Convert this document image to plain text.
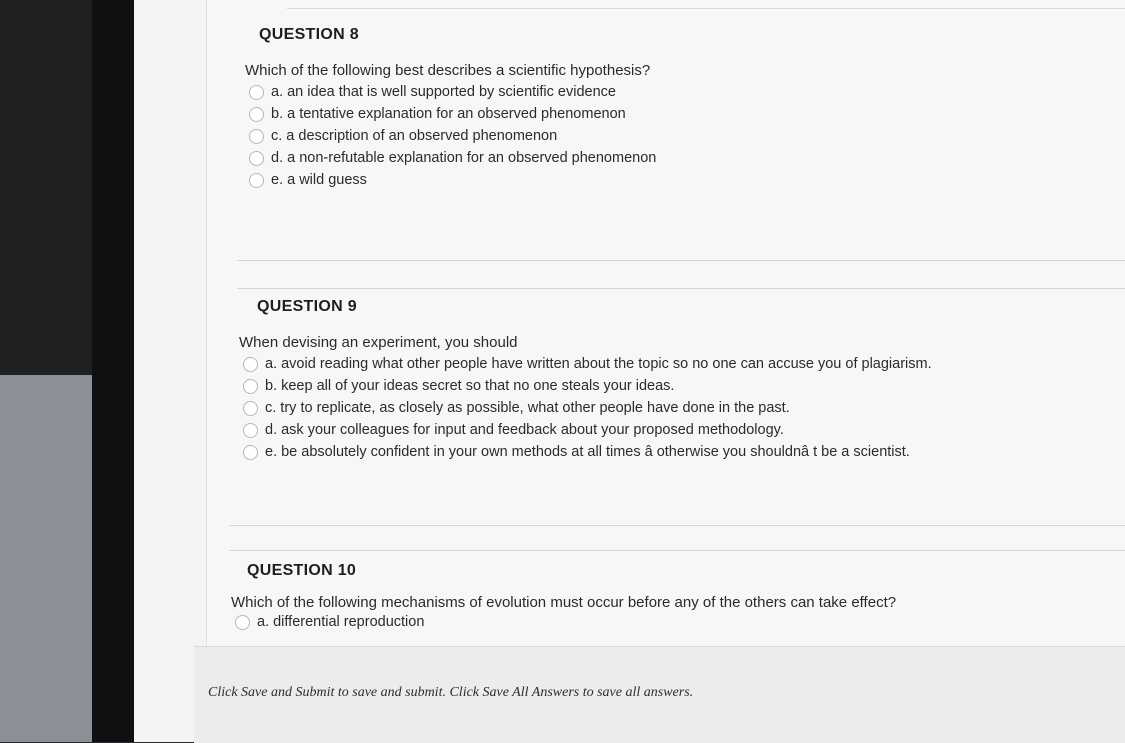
QUESTION 8
Which of the following best describes a scientific hypothesis?
a. an idea that is well supported by scientific evidence
b. a tentative explanation for an observed phenomenon
c. a description of an observed phenomenon
d. a non-refutable explanation for an observed phenomenon
e. a wild guess
QUESTION 9
When devising an experiment, you should
a. avoid reading what other people have written about the topic so no one can accuse you of plagiarism.
b. keep all of your ideas secret so that no one steals your ideas.
c. try to replicate, as closely as possible, what other people have done in the past.
d. ask your colleagues for input and feedback about your proposed methodology.
e. be absolutely confident in your own methods at all times â otherwise you shouldnâ t be a scientist.
QUESTION 10
Which of the following mechanisms of evolution must occur before any of the others can take effect?
a. differential reproduction
Click Save and Submit to save and submit. Click Save All Answers to save all answers.
